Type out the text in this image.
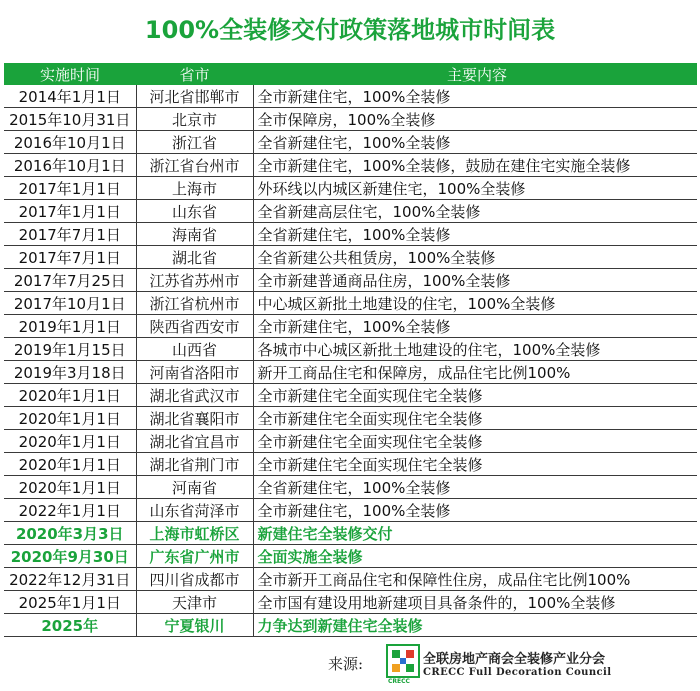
100%全装修交付政策落地城市时间表
实施时间	省市	主要内容
2014年1月1日	河北省邯郸市	全市新建住宅，100%全装修
2015年10月31日	北京市	全市保障房，100%全装修
2016年10月1日	浙江省	全省新建住宅，100%全装修
2016年10月1日	浙江省台州市	全市新建住宅，100%全装修，鼓励在建住宅实施全装修
2017年1月1日	上海市	外环线以内城区新建住宅，100%全装修
2017年1月1日	山东省	全省新建高层住宅，100%全装修
2017年7月1日	海南省	全省新建住宅，100%全装修
2017年7月1日	湖北省	全省新建公共租赁房，100%全装修
2017年7月25日	江苏省苏州市	全市新建普通商品住房，100%全装修
2017年10月1日	浙江省杭州市	中心城区新批土地建设的住宅，100%全装修
2019年1月1日	陕西省西安市	全市新建住宅，100%全装修
2019年1月15日	山西省	各城市中心城区新批土地建设的住宅，100%全装修
2019年3月18日	河南省洛阳市	新开工商品住宅和保障房，成品住宅比例100%
2020年1月1日	湖北省武汉市	全市新建住宅全面实现住宅全装修
2020年1月1日	湖北省襄阳市	全市新建住宅全面实现住宅全装修
2020年1月1日	湖北省宜昌市	全市新建住宅全面实现住宅全装修
2020年1月1日	湖北省荆门市	全市新建住宅全面实现住宅全装修
2020年1月1日	河南省	全省新建住宅，100%全装修
2022年1月1日	山东省菏泽市	全市新建住宅，100%全装修
2020年3月3日	上海市虹桥区	新建住宅全装修交付
2020年9月30日	广东省广州市	全面实施全装修
2022年12月31日	四川省成都市	全市新开工商品住宅和保障性住房，成品住宅比例100%
2025年1月1日	天津市	全市国有建设用地新建项目具备条件的，100%全装修
2025年	宁夏银川	力争达到新建住宅全装修
来源:
CRECC
全联房地产商会全装修产业分会
CRECC Full Decoration Council
